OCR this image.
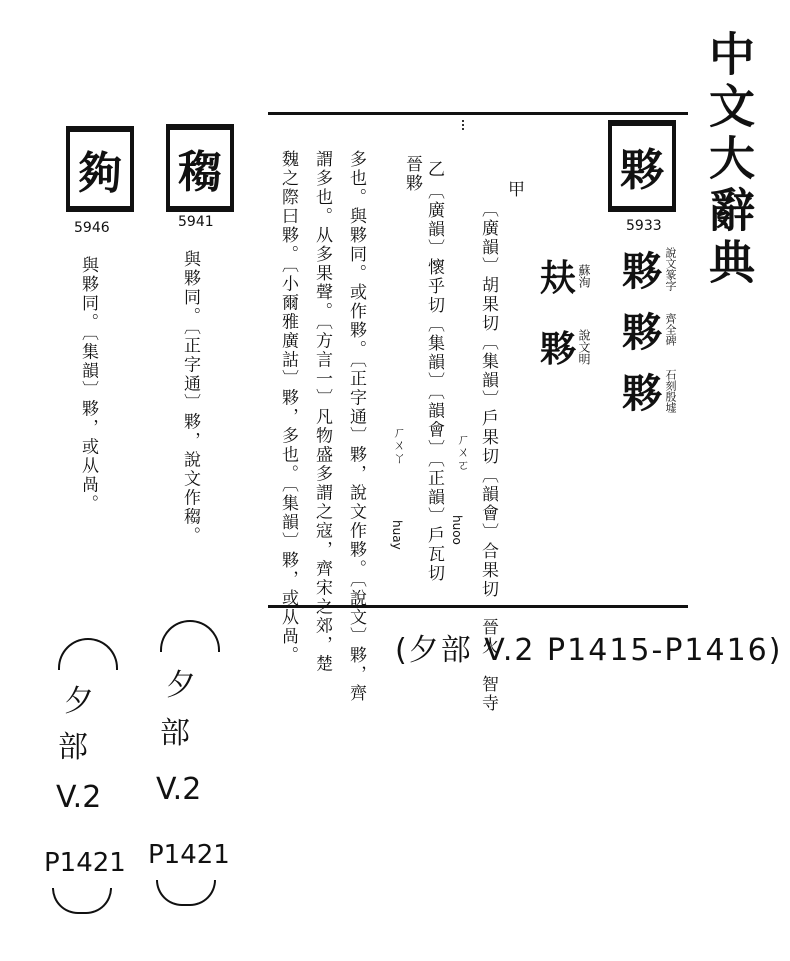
中文大辭典
夥
5933
夥 說文篆字
夥 齊全碑
夥 石刻殷墟
㚘 蘇洵
夥 說文明
甲
〔廣韻〕胡果切〔集韻〕戶果切〔韻會〕合果切　晉火　智寺
ㄏㄨㄛ
huoo
晉夥 乙
〔廣韻〕懷乎切〔集韻〕〔韻會〕〔正韻〕戶瓦切
ㄏㄨㄚ
huay
多也。與夥同。或作夥。〔正字通〕夥，說文作夥。〔說文〕夥，齊
謂多也。从多果聲。〔方言一〕凡物盛多謂之寇，齊宋之郊，楚
魏之際曰夥。〔小爾雅廣詁〕夥，多也。〔集韻〕夥，或从咼。	(夕部 V.2 P1415-P1416)
䅳
5941
與夥同。〔正字通〕夥，說文作䅳。
夠
5946
與夥同。〔集韻〕夥，或从咼。
夕
部
V.2
P1421
夕
部
V.2
P1421
